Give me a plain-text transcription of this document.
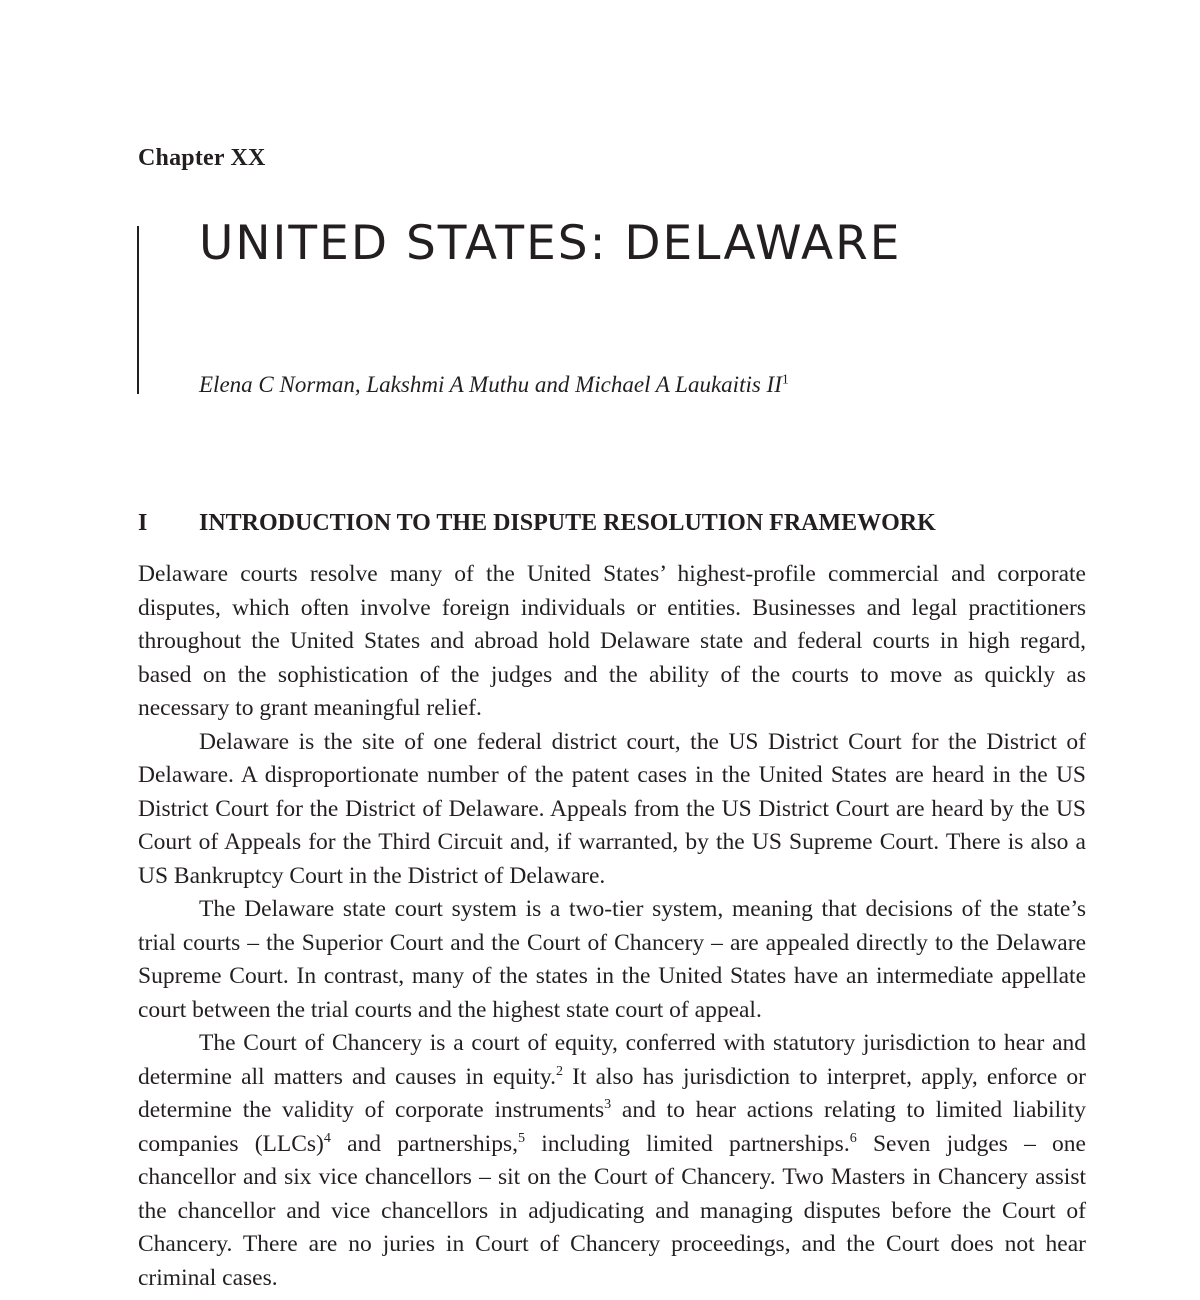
Chapter XX
UNITED STATES: DELAWARE
Elena C Norman, Lakshmi A Muthu and Michael A Laukaitis $II^1$
I INTRODUCTION TO THE DISPUTE RESOLUTION FRAMEWORK

Delaware courts resolve many of the United States’ highest-profile commercial and corporate disputes, which often involve foreign individuals or entities. Businesses and legal practitioners throughout the United States and abroad hold Delaware state and federal courts in high regard, based on the sophistication of the judges and the ability of the courts to move as quickly as necessary to grant meaningful relief.

Delaware is the site of one federal district court, the US District Court for the District of Delaware. A disproportionate number of the patent cases in the United States are heard in the US District Court for the District of Delaware. Appeals from the US District Court are heard by the US Court of Appeals for the Third Circuit and, if warranted, by the US Supreme Court. There is also a US Bankruptcy Court in the District of Delaware.

The Delaware state court system is a two-tier system, meaning that decisions of the state’s trial courts – the Superior Court and the Court of Chancery – are appealed directly to the Delaware Supreme Court. In contrast, many of the states in the United States have an intermediate appellate court between the trial courts and the highest state court of appeal.

The Court of Chancery is a court of equity, conferred with statutory jurisdiction to hear and determine all matters and causes in equity.$^2$ It also has jurisdiction to interpret, apply, enforce or determine the validity of corporate instruments$^3$ and to hear actions relating to limited liability companies (LLCs)$^4$ and partnerships,$^5$ including limited partnerships.$^6$ Seven judges – one chancellor and six vice chancellors – sit on the Court of Chancery. Two Masters in Chancery assist the chancellor and vice chancellors in adjudicating and managing disputes before the Court of Chancery. There are no juries in Court of Chancery proceedings, and the Court does not hear criminal cases.
